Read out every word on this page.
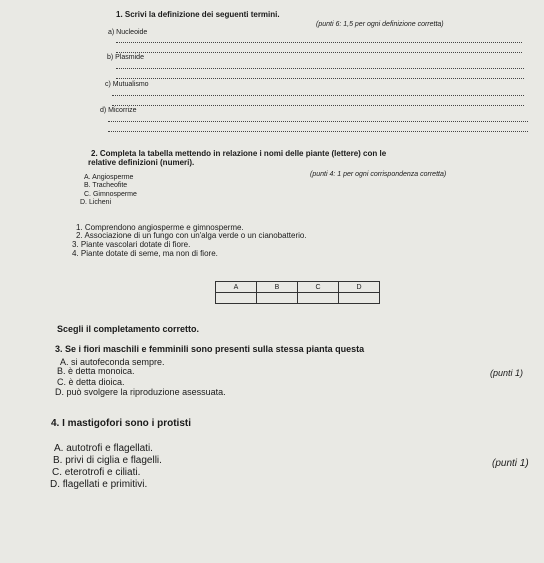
1. Scrivi la definizione dei seguenti termini.
(punti 6: 1,5 per ogni definizione corretta)
a) Nucleoide
b) Plasmide
c) Mutualismo
d) Micorrize
2. Completa la tabella mettendo in relazione i nomi delle piante (lettere) con le
relative definizioni (numeri).
(punti 4: 1 per ogni corrispondenza corretta)
A. Angiosperme
B. Tracheofite
C. Gimnosperme
D. Licheni
1. Comprendono angiosperme e gimnosperme.
2. Associazione di un fungo con un'alga verde o un cianobatterio.
3. Piante vascolari dotate di fiore.
4. Piante dotate di seme, ma non di fiore.
A	B	C	D

Scegli il completamento corretto.
3. Se i fiori maschili e femminili sono presenti sulla stessa pianta questa
A. si autofeconda sempre.
B. è detta monoica.
C. è detta dioica.
D. può svolgere la riproduzione asessuata.
(punti 1)
4. I mastigofori sono i protisti
A. autotrofi e flagellati.
B. privi di ciglia e flagelli.
C. eterotrofi e ciliati.
D. flagellati e primitivi.
(punti 1)
